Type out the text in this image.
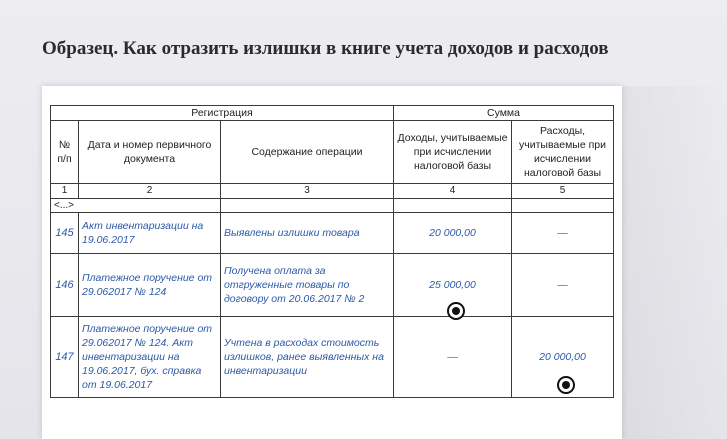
Образец. Как отразить излишки в книге учета доходов и расходов
Регистрация			Сумма	
№ п/п	Дата и номер первичного документа	Содержание операции	Доходы, учитываемые при исчислении налоговой базы	Расходы, учитываемые при исчислении налоговой базы
1	2	3	4	5
<...>				
145	Акт инвентаризации на 19.06.2017	Выявлены излишки товара	20 000,00	—
146	Платежное поручение от 29.062017 № 124	Получена оплата за отгруженные товары по договору от 20.06.2017 № 2	25 000,00	—
147	Платежное поручение от 29.062017 № 124. Акт инвентаризации на 19.06.2017, бух. справка от 19.06.2017	Учтена в расходах стоимость излишков, ранее выявленных на инвентаризации	—	20 000,00
